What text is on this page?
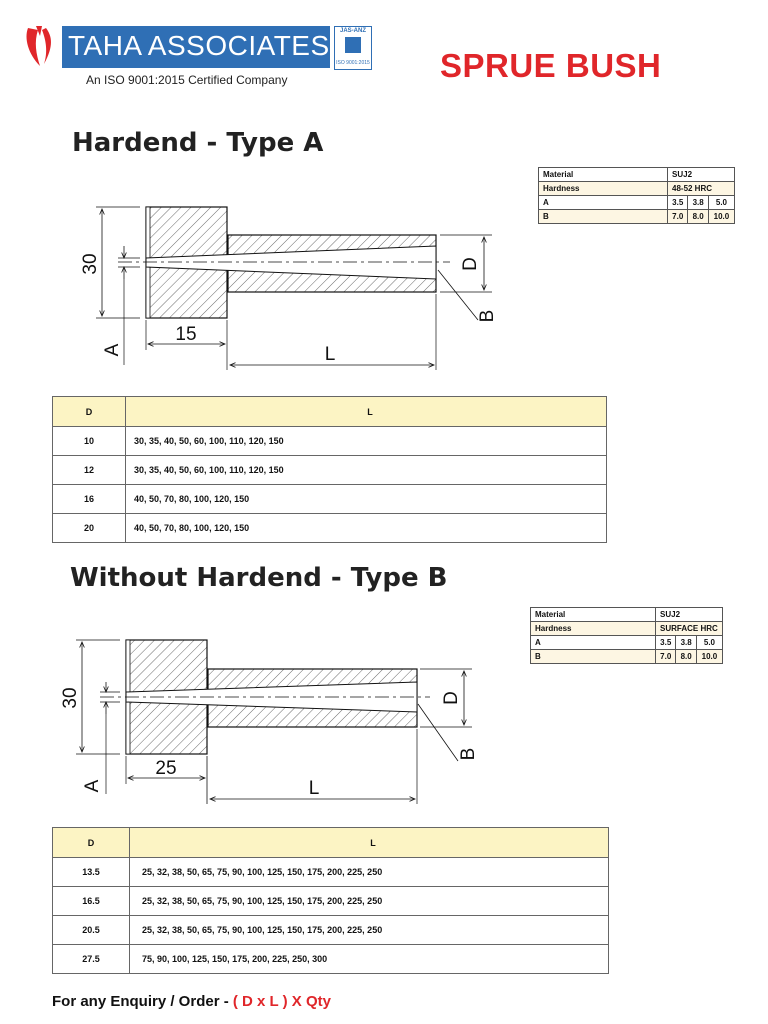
TAHA ASSOCIATES	JAS-ANZ
ISO 9001:2015
An ISO 9001:2015 Certified Company	SPRUE BUSH
Hardend - Type A
Material	SUJ2		
Hardness	48-52 HRC		
A	3.5	3.8	5.0
B	7.0	8.0	10.0
30
A
15
L
D
B
D	L
10	30, 35, 40, 50, 60, 100, 110, 120, 150
12	30, 35, 40, 50, 60, 100, 110, 120, 150
16	40, 50, 70, 80, 100, 120, 150
20	40, 50, 70, 80, 100, 120, 150
Without Hardend - Type B
Material	SUJ2		
Hardness	SURFACE HRC		
A	3.5	3.8	5.0
B	7.0	8.0	10.0
30
A
25
L
D
B
D	L
13.5	25, 32, 38, 50, 65, 75, 90, 100, 125, 150, 175, 200, 225, 250
16.5	25, 32, 38, 50, 65, 75, 90, 100, 125, 150, 175, 200, 225, 250
20.5	25, 32, 38, 50, 65, 75, 90, 100, 125, 150, 175, 200, 225, 250
27.5	75, 90, 100, 125, 150, 175, 200, 225, 250, 300
For any Enquiry / Order - ( D x L ) X Qty
